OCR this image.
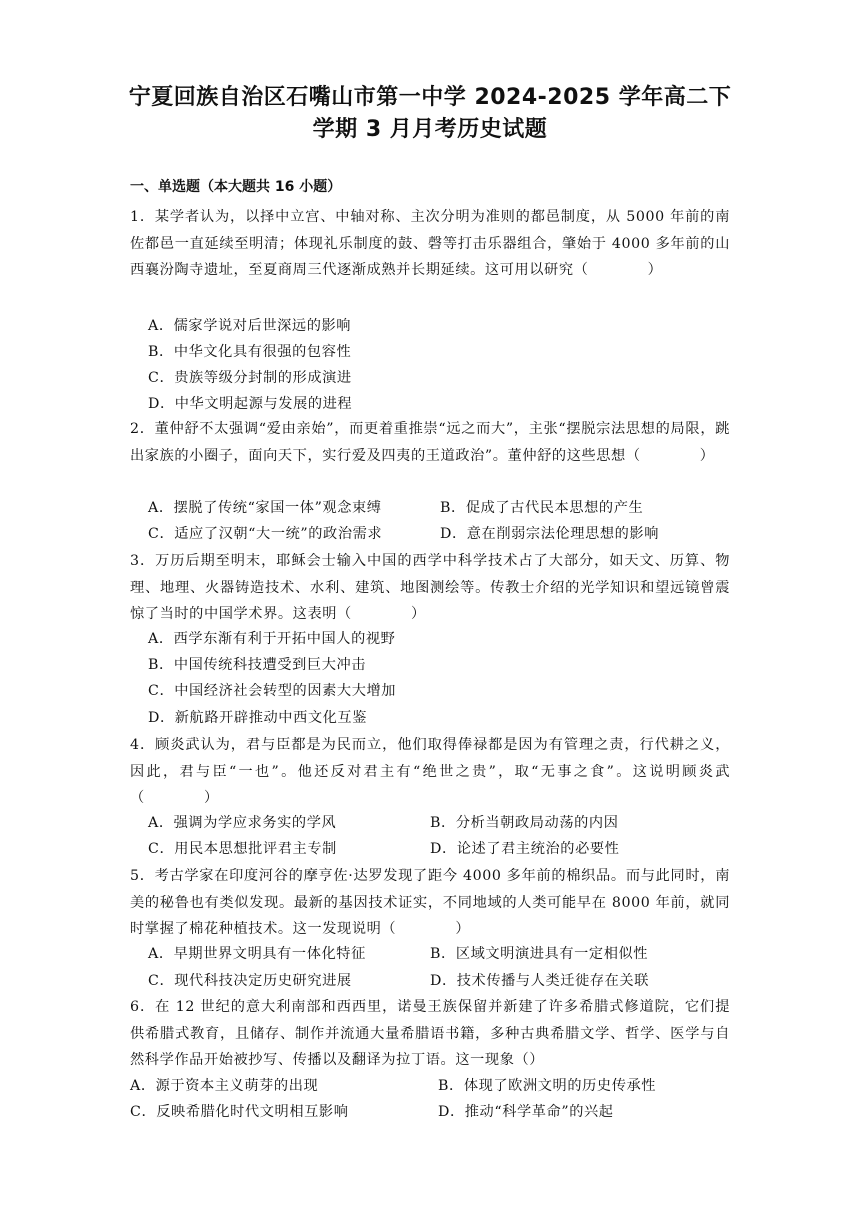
宁夏回族自治区石嘴山市第一中学 2024-2025 学年高二下
学期 3 月月考历史试题
一、单选题（本大题共 16 小题）
1．某学者认为，以择中立宫、中轴对称、主次分明为准则的都邑制度，从 5000 年前的南佐都邑一直延续至明清；体现礼乐制度的鼓、磬等打击乐器组合，肇始于 4000 多年前的山西襄汾陶寺遗址，至夏商周三代逐渐成熟并长期延续。这可用以研究（　　　　）
A．儒家学说对后世深远的影响
B．中华文化具有很强的包容性
C．贵族等级分封制的形成演进
D．中华文明起源与发展的进程
2．董仲舒不太强调“爱由亲始”，而更着重推崇“远之而大”，主张“摆脱宗法思想的局限，跳出家族的小圈子，面向天下，实行爱及四夷的王道政治”。董仲舒的这些思想（　　　　）
A．摆脱了传统“家国一体”观念束缚	B．促成了古代民本思想的产生
C．适应了汉朝“大一统”的政治需求	D．意在削弱宗法伦理思想的影响
3．万历后期至明末，耶稣会士输入中国的西学中科学技术占了大部分，如天文、历算、物理、地理、火器铸造技术、水利、建筑、地图测绘等。传教士介绍的光学知识和望远镜曾震惊了当时的中国学术界。这表明（　　　　）
A．西学东渐有利于开拓中国人的视野
B．中国传统科技遭受到巨大冲击
C．中国经济社会转型的因素大大增加
D．新航路开辟推动中西文化互鉴
4．顾炎武认为，君与臣都是为民而立，他们取得俸禄都是因为有管理之责，行代耕之义，因此，君与臣“一也”。他还反对君主有“绝世之贵”，取“无事之食”。这说明顾炎武（　　　　）
A．强调为学应求务实的学风	B．分析当朝政局动荡的内因
C．用民本思想批评君主专制	D．论述了君主统治的必要性
5．考古学家在印度河谷的摩亨佐·达罗发现了距今 4000 多年前的棉织品。而与此同时，南美的秘鲁也有类似发现。最新的基因技术证实，不同地域的人类可能早在 8000 年前，就同时掌握了棉花种植技术。这一发现说明（　　　　）
A．早期世界文明具有一体化特征	B．区域文明演进具有一定相似性
C．现代科技决定历史研究进展	D．技术传播与人类迁徙存在关联
6．在 12 世纪的意大利南部和西西里，诺曼王族保留并新建了许多希腊式修道院，它们提供希腊式教育，且储存、制作并流通大量希腊语书籍，多种古典希腊文学、哲学、医学与自然科学作品开始被抄写、传播以及翻译为拉丁语。这一现象（）
A．源于资本主义萌芽的出现	B．体现了欧洲文明的历史传承性
C．反映希腊化时代文明相互影响	D．推动“科学革命”的兴起
